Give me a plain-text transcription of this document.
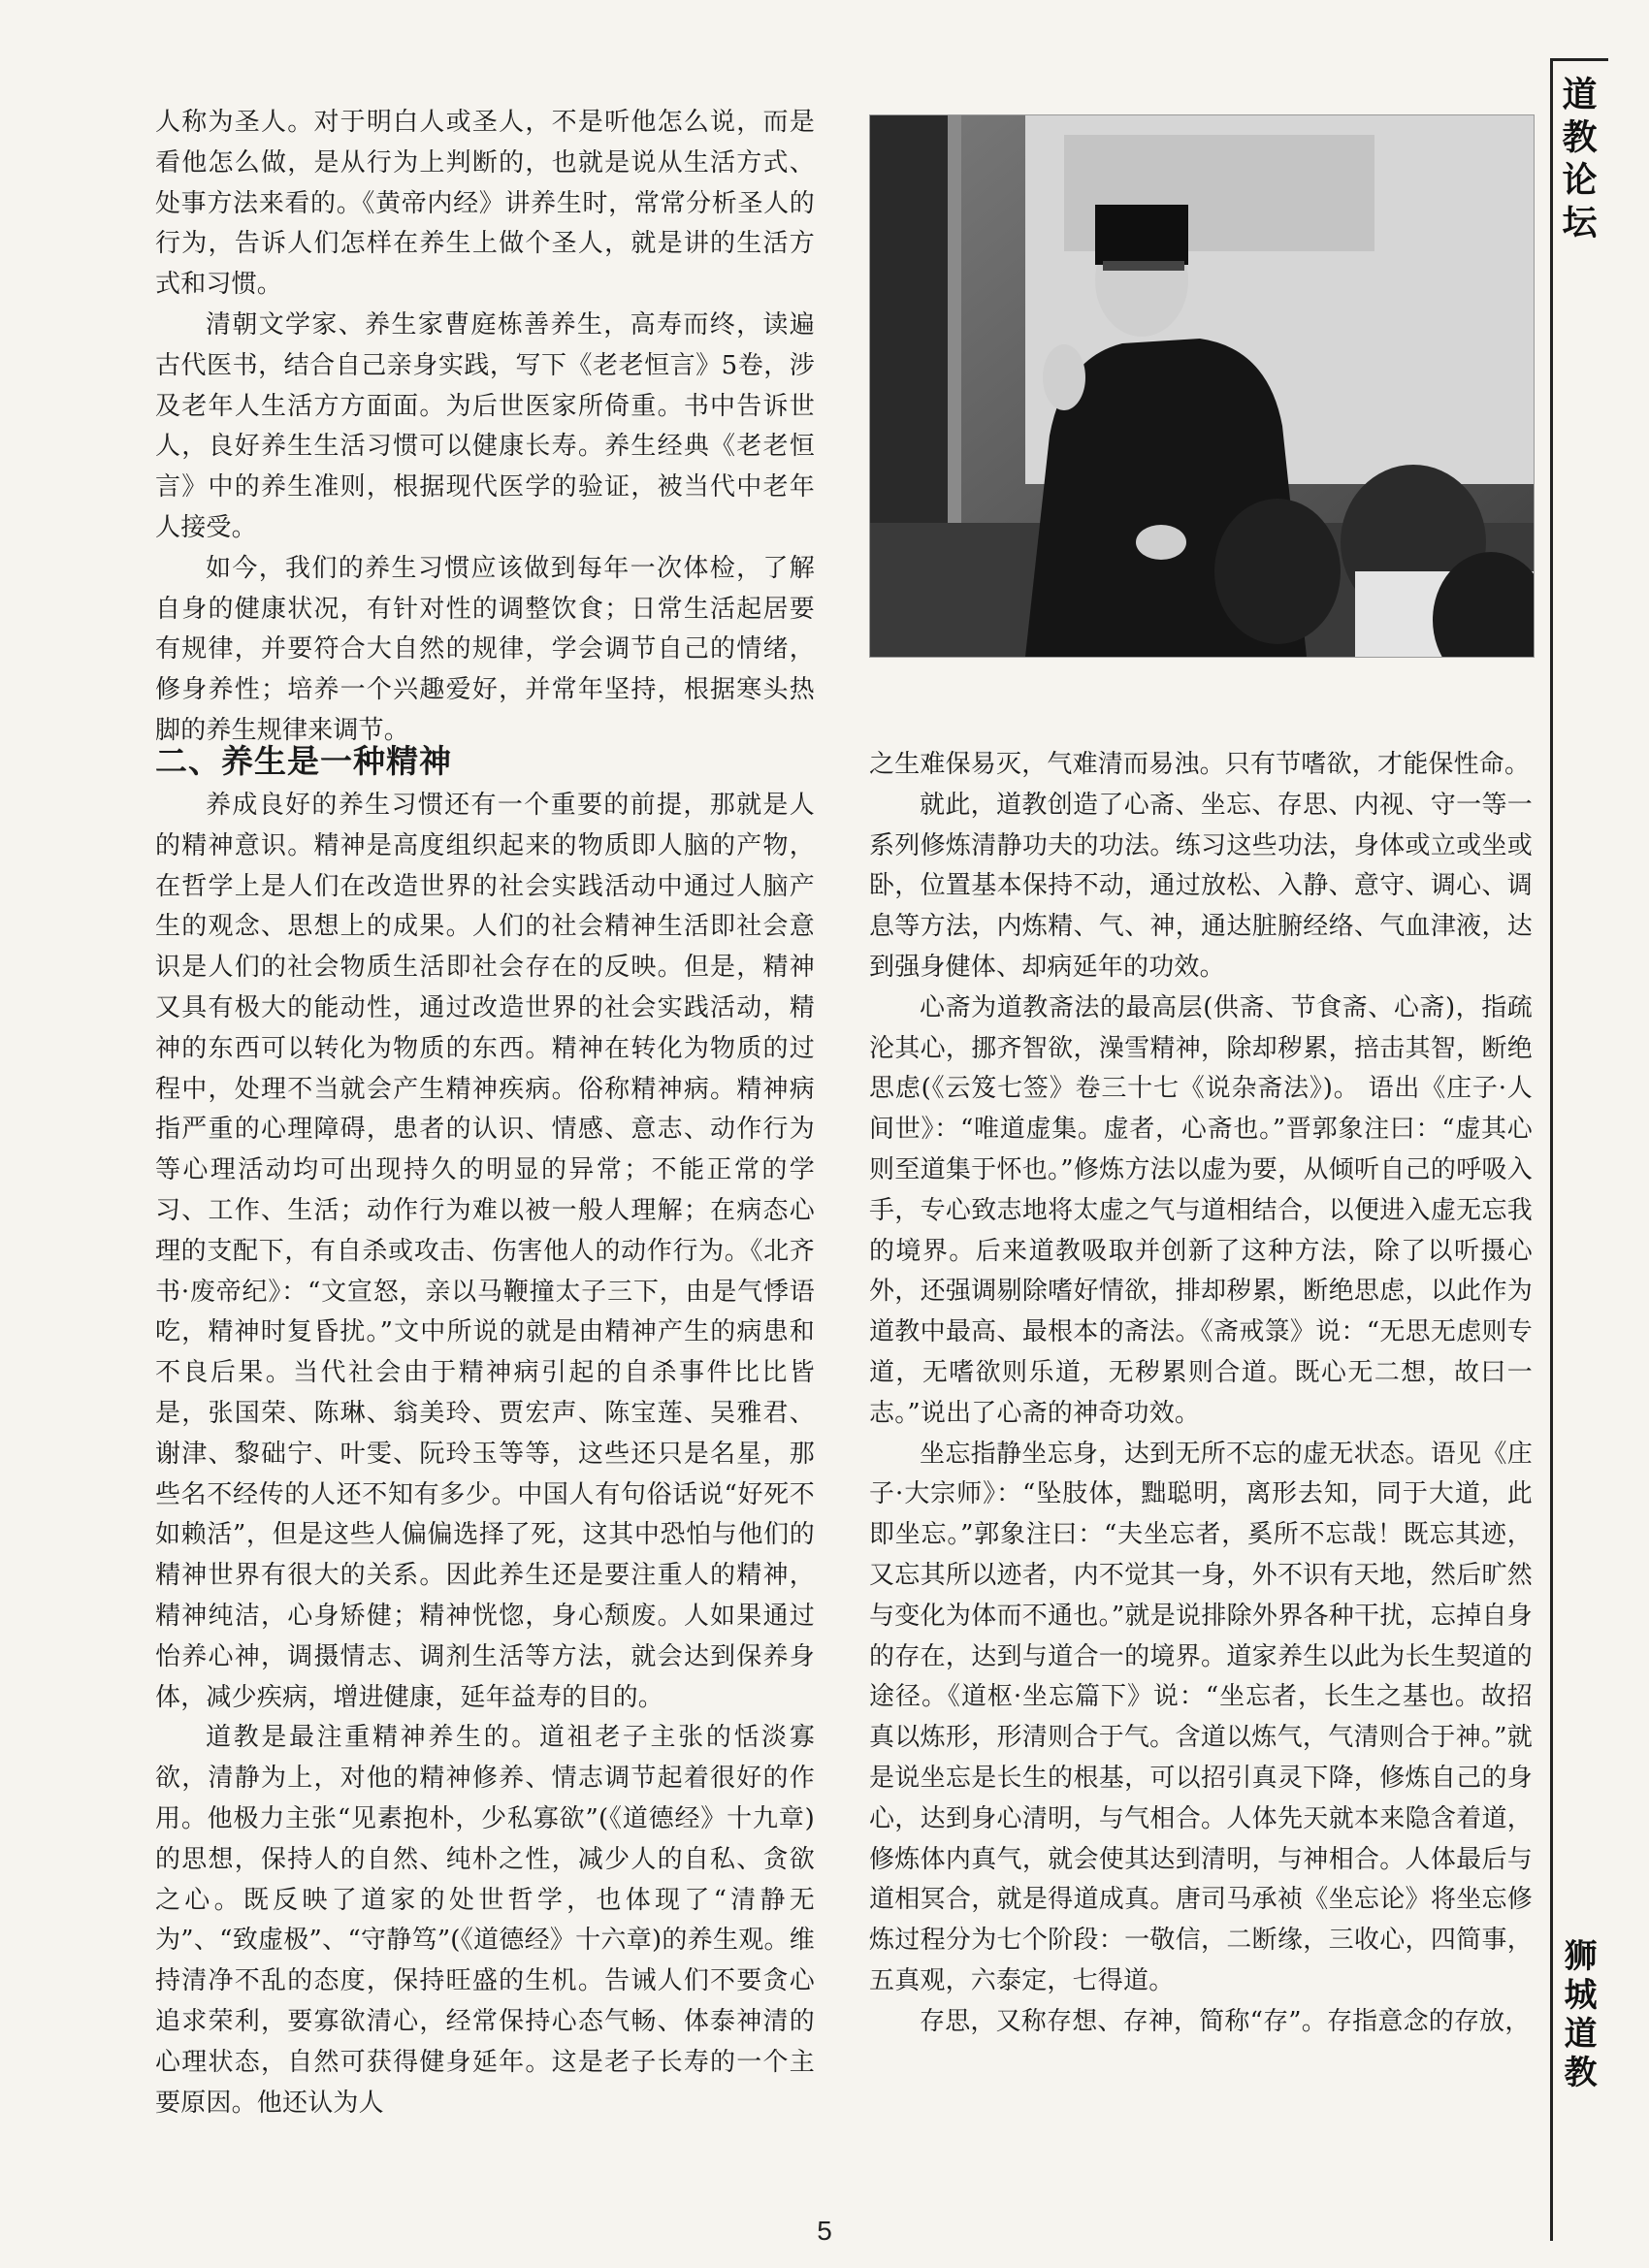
人称为圣人。对于明白人或圣人，不是听他怎么说，而是看他怎么做，是从行为上判断的，也就是说从生活方式、处事方法来看的。《黄帝内经》讲养生时，常常分析圣人的行为，告诉人们怎样在养生上做个圣人，就是讲的生活方式和习惯。

清朝文学家、养生家曹庭栋善养生，高寿而终，读遍古代医书，结合自己亲身实践，写下《老老恒言》5卷，涉及老年人生活方方面面。为后世医家所倚重。书中告诉世人，良好养生生活习惯可以健康长寿。养生经典《老老恒言》中的养生准则，根据现代医学的验证，被当代中老年人接受。

如今，我们的养生习惯应该做到每年一次体检，了解自身的健康状况，有针对性的调整饮食；日常生活起居要有规律，并要符合大自然的规律，学会调节自己的情绪，修身养性；培养一个兴趣爱好，并常年坚持，根据寒头热脚的养生规律来调节。

二、养生是一种精神

养成良好的养生习惯还有一个重要的前提，那就是人的精神意识。精神是高度组织起来的物质即人脑的产物，在哲学上是人们在改造世界的社会实践活动中通过人脑产生的观念、思想上的成果。人们的社会精神生活即社会意识是人们的社会物质生活即社会存在的反映。但是，精神又具有极大的能动性，通过改造世界的社会实践活动，精神的东西可以转化为物质的东西。精神在转化为物质的过程中，处理不当就会产生精神疾病。俗称精神病。精神病指严重的心理障碍，患者的认识、情感、意志、动作行为等心理活动均可出现持久的明显的异常；不能正常的学习、工作、生活；动作行为难以被一般人理解；在病态心理的支配下，有自杀或攻击、伤害他人的动作行为。《北齐书·废帝纪》：“文宣怒，亲以马鞭撞太子三下，由是气悸语吃，精神时复昏扰。”文中所说的就是由精神产生的病患和不良后果。当代社会由于精神病引起的自杀事件比比皆是，张国荣、陈琳、翁美玲、贾宏声、陈宝莲、吴雅君、谢津、黎础宁、叶雯、阮玲玉等等，这些还只是名星，那些名不经传的人还不知有多少。中国人有句俗话说“好死不如赖活”，但是这些人偏偏选择了死，这其中恐怕与他们的精神世界有很大的关系。因此养生还是要注重人的精神，精神纯洁，心身矫健；精神恍惚，身心颓废。人如果通过怡养心神，调摄情志、调剂生活等方法，就会达到保养身体，减少疾病，增进健康，延年益寿的目的。

道教是最注重精神养生的。道祖老子主张的恬淡寡欲，清静为上，对他的精神修养、情志调节起着很好的作用。他极力主张“见素抱朴，少私寡欲”(《道德经》十九章)的思想，保持人的自然、纯朴之性，减少人的自私、贪欲之心。既反映了道家的处世哲学，也体现了“清静无为”、“致虚极”、“守静笃”(《道德经》十六章)的养生观。维持清净不乱的态度，保持旺盛的生机。告诫人们不要贪心追求荣利，要寡欲清心，经常保持心态气畅、体泰神清的心理状态，自然可获得健身延年。这是老子长寿的一个主要原因。他还认为人

之生难保易灭，气难清而易浊。只有节嗜欲，才能保性命。

就此，道教创造了心斋、坐忘、存思、内视、守一等一系列修炼清静功夫的功法。练习这些功法，身体或立或坐或卧，位置基本保持不动，通过放松、入静、意守、调心、调息等方法，内炼精、气、神，通达脏腑经络、气血津液，达到强身健体、却病延年的功效。

心斋为道教斋法的最高层(供斋、节食斋、心斋)，指疏沦其心，挪齐智欲，澡雪精神，除却秽累，掊击其智，断绝思虑(《云笈七签》卷三十七《说杂斋法》)。 语出《庄子·人间世》：“唯道虚集。虚者，心斋也。”晋郭象注曰：“虚其心则至道集于怀也。”修炼方法以虚为要，从倾听自己的呼吸入手，专心致志地将太虚之气与道相结合，以便进入虚无忘我的境界。后来道教吸取并创新了这种方法，除了以听摄心外，还强调剔除嗜好情欲，排却秽累，断绝思虑，以此作为道教中最高、最根本的斋法。《斋戒箓》说：“无思无虑则专道，无嗜欲则乐道，无秽累则合道。既心无二想，故曰一志。”说出了心斋的神奇功效。

坐忘指静坐忘身，达到无所不忘的虚无状态。语见《庄子·大宗师》：“坠肢体，黜聪明，离形去知，同于大道，此即坐忘。”郭象注曰：“夫坐忘者，奚所不忘哉！既忘其迹，又忘其所以迹者，内不觉其一身，外不识有天地，然后旷然与变化为体而不通也。”就是说排除外界各种干扰，忘掉自身的存在，达到与道合一的境界。道家养生以此为长生契道的途径。《道枢·坐忘篇下》说：“坐忘者，长生之基也。故招真以炼形，形清则合于气。含道以炼气，气清则合于神。”就是说坐忘是长生的根基，可以招引真灵下降，修炼自己的身心，达到身心清明，与气相合。人体先天就本来隐含着道，修炼体内真气，就会使其达到清明，与神相合。人体最后与道相冥合，就是得道成真。唐司马承祯《坐忘论》将坐忘修炼过程分为七个阶段：一敬信，二断缘，三收心，四简事，五真观，六泰定，七得道。

存思，又称存想、存神，简称“存”。存指意念的存放，

道教论坛
狮城道教
5
